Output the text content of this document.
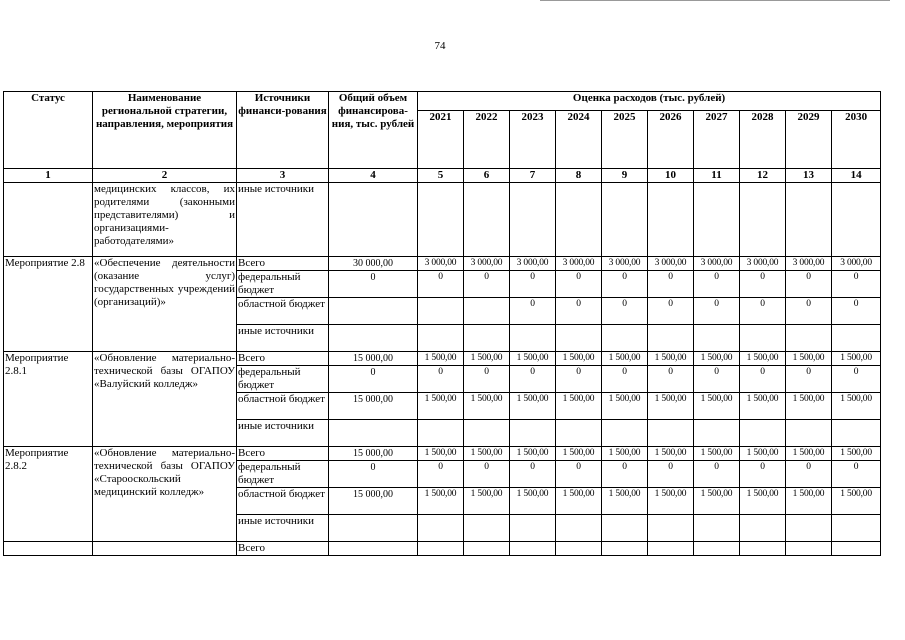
74
Статус	Наименование региональной стратегии, направления, мероприятия	Источники финанси-рования	Общий объем финансирова-ния, тыс. рублей	Оценка расходов (тыс. рублей)									
				2021	2022	2023	2024	2025	2026	2027	2028	2029	2030
1	2	3	4	5	6	7	8	9	10	11	12	13	14
	медицинских классов, их родителями (законными представителями) и организациями-работодателями»	иные источники											
Мероприятие 2.8	«Обеспечение деятельности (оказание услуг) государственных учреждений (организаций)»	Всего	30 000,00	3 000,00	3 000,00	3 000,00	3 000,00	3 000,00	3 000,00	3 000,00	3 000,00	3 000,00	3 000,00
		федеральный бюджет	0	0	0	0	0	0	0	0	0	0	0
		областной бюджет				0	0	0	0	0	0	0	0
		иные источники											
Мероприятие 2.8.1	«Обновление материально-технической базы ОГАПОУ «Валуйский колледж»	Всего	15 000,00	1 500,00	1 500,00	1 500,00	1 500,00	1 500,00	1 500,00	1 500,00	1 500,00	1 500,00	1 500,00
		федеральный бюджет	0	0	0	0	0	0	0	0	0	0	0
		областной бюджет	15 000,00	1 500,00	1 500,00	1 500,00	1 500,00	1 500,00	1 500,00	1 500,00	1 500,00	1 500,00	1 500,00
		иные источники											
Мероприятие 2.8.2	«Обновление материально-технической базы ОГАПОУ «Старооскольский медицинский колледж»	Всего	15 000,00	1 500,00	1 500,00	1 500,00	1 500,00	1 500,00	1 500,00	1 500,00	1 500,00	1 500,00	1 500,00
		федеральный бюджет	0	0	0	0	0	0	0	0	0	0	0
		областной бюджет	15 000,00	1 500,00	1 500,00	1 500,00	1 500,00	1 500,00	1 500,00	1 500,00	1 500,00	1 500,00	1 500,00
		иные источники											
		Всего											
